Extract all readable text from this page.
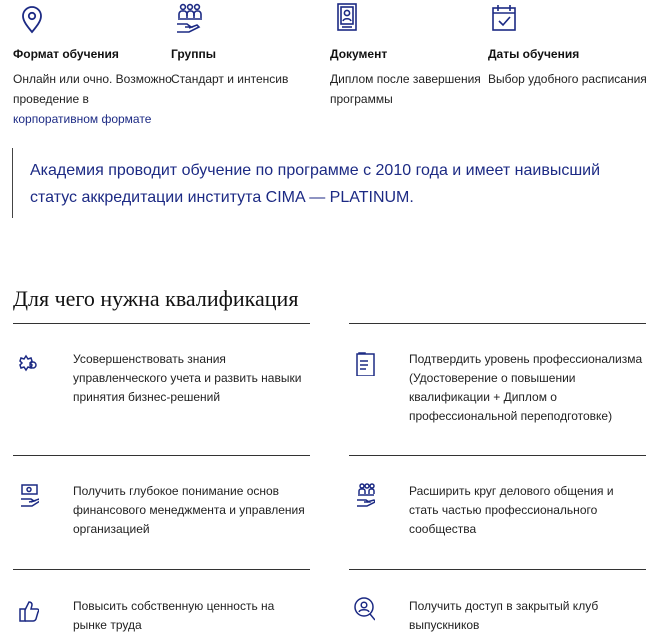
Формат обучения
Онлайн или очно. Возможно проведение в
корпоративном формате
Группы
Стандарт и интенсив
Документ
Диплом после завершения программы
Даты обучения
Выбор удобного расписания

Академия проводит обучение по программе с 2010 года и имеет наивысший статус аккредитации института CIMA — PLATINUM.

Для чего нужна квалификация
Усовершенствовать знания управленческого учета и развить навыки принятия бизнес-решений
Подтвердить уровень профессионализма (Удостоверение о повышении квалификации + Диплом о профессиональной переподготовке)
Получить глубокое понимание основ финансового менеджмента и управления организацией
Расширить круг делового общения и стать частью профессионального сообщества
Повысить собственную ценность на рынке труда
Получить доступ в закрытый клуб выпускников
